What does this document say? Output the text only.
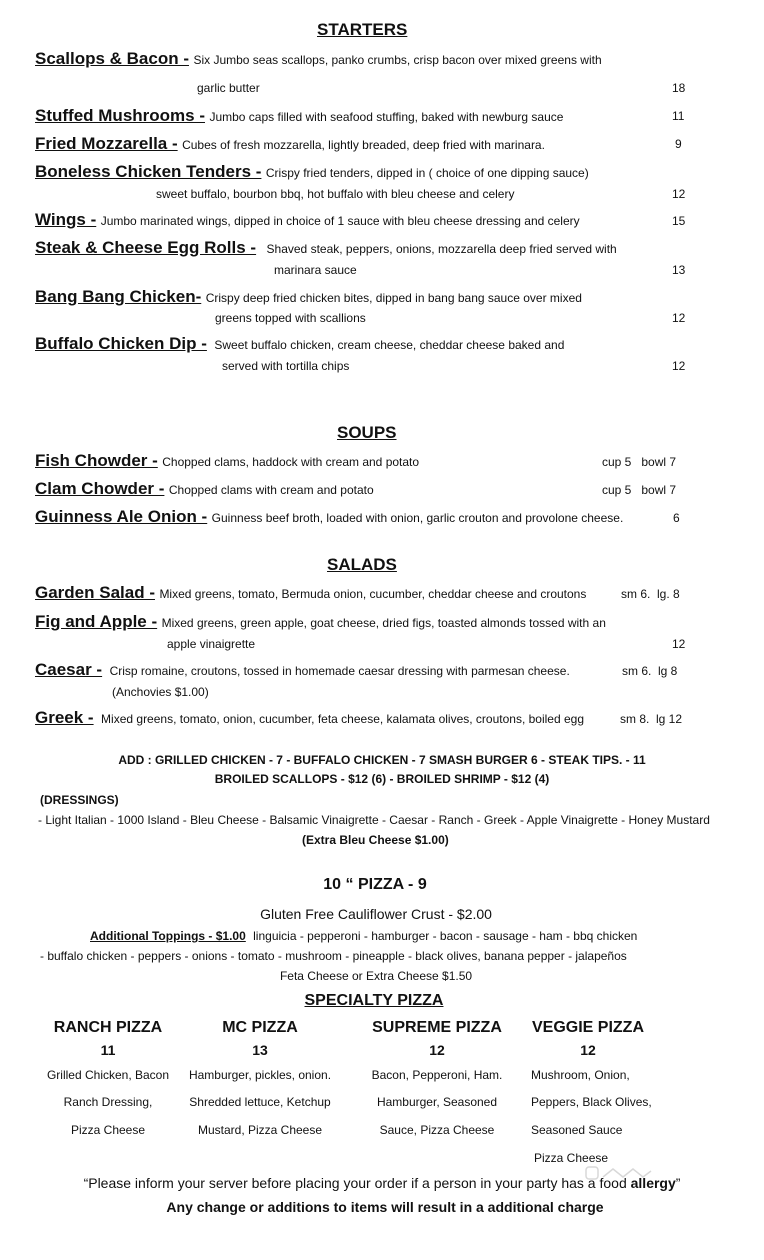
STARTERS
Scallops & Bacon - Six Jumbo seas scallops, panko crumbs, crisp bacon over mixed greens with
garlic butter	18
Stuffed Mushrooms - Jumbo caps filled with seafood stuffing, baked with newburg sauce	11
Fried Mozzarella - Cubes of fresh mozzarella, lightly breaded, deep fried with marinara.	9
Boneless Chicken Tenders - Crispy fried tenders, dipped in ( choice of one dipping sauce)
sweet buffalo, bourbon bbq, hot buffalo with bleu cheese and celery	12
Wings - Jumbo marinated wings, dipped in choice of 1 sauce with bleu cheese dressing and celery	15
Steak & Cheese Egg Rolls - Shaved steak, peppers, onions, mozzarella deep fried served with
marinara sauce	13
Bang Bang Chicken- Crispy deep fried chicken bites, dipped in bang bang sauce over mixed
greens topped with scallions	12
Buffalo Chicken Dip - Sweet buffalo chicken, cream cheese, cheddar cheese baked and
served with tortilla chips	12
SOUPS
Fish Chowder - Chopped clams, haddock with cream and potato	cup 5   bowl 7
Clam Chowder - Chopped clams with cream and potato	cup 5   bowl 7
Guinness Ale Onion - Guinness beef broth, loaded with onion, garlic crouton and provolone cheese.	6
SALADS
Garden Salad - Mixed greens, tomato, Bermuda onion, cucumber, cheddar cheese and croutons	sm 6.  lg. 8
Fig and Apple - Mixed greens, green apple, goat cheese, dried figs, toasted almonds tossed with an
apple vinaigrette	12
Caesar - Crisp romaine, croutons, tossed in homemade caesar dressing with parmesan cheese.	sm 6.  lg 8
(Anchovies $1.00)
Greek - Mixed greens, tomato, onion, cucumber, feta cheese, kalamata olives, croutons, boiled egg	sm 8.  lg 12
ADD : GRILLED CHICKEN - 7 - BUFFALO CHICKEN - 7 SMASH BURGER 6 - STEAK TIPS. - 11
BROILED SCALLOPS - $12 (6) - BROILED SHRIMP - $12 (4)
(DRESSINGS)
- Light Italian - 1000 Island - Bleu Cheese - Balsamic Vinaigrette - Caesar - Ranch - Greek - Apple Vinaigrette - Honey Mustard
(Extra Bleu Cheese $1.00)
10 “ PIZZA - 9
Gluten Free Cauliflower Crust - $2.00
Additional Toppings - $1.00 linguicia - pepperoni - hamburger - bacon - sausage - ham - bbq chicken
- buffalo chicken - peppers - onions - tomato - mushroom - pineapple - black olives, banana pepper - jalapeños
Feta Cheese or Extra Cheese $1.50
SPECIALTY PIZZA
RANCH PIZZA
11
Grilled Chicken, Bacon
Ranch Dressing,
Pizza Cheese
MC PIZZA
13
Hamburger, pickles, onion.
Shredded lettuce, Ketchup
Mustard, Pizza Cheese
SUPREME PIZZA
12
Bacon, Pepperoni, Ham.
Hamburger, Seasoned
Sauce, Pizza Cheese
VEGGIE PIZZA
12
Mushroom, Onion,
Peppers, Black Olives,
Seasoned Sauce
Pizza Cheese
“Please inform your server before placing your order if a person in your party has a food allergy”
Any change or additions to items will result in a additional charge
